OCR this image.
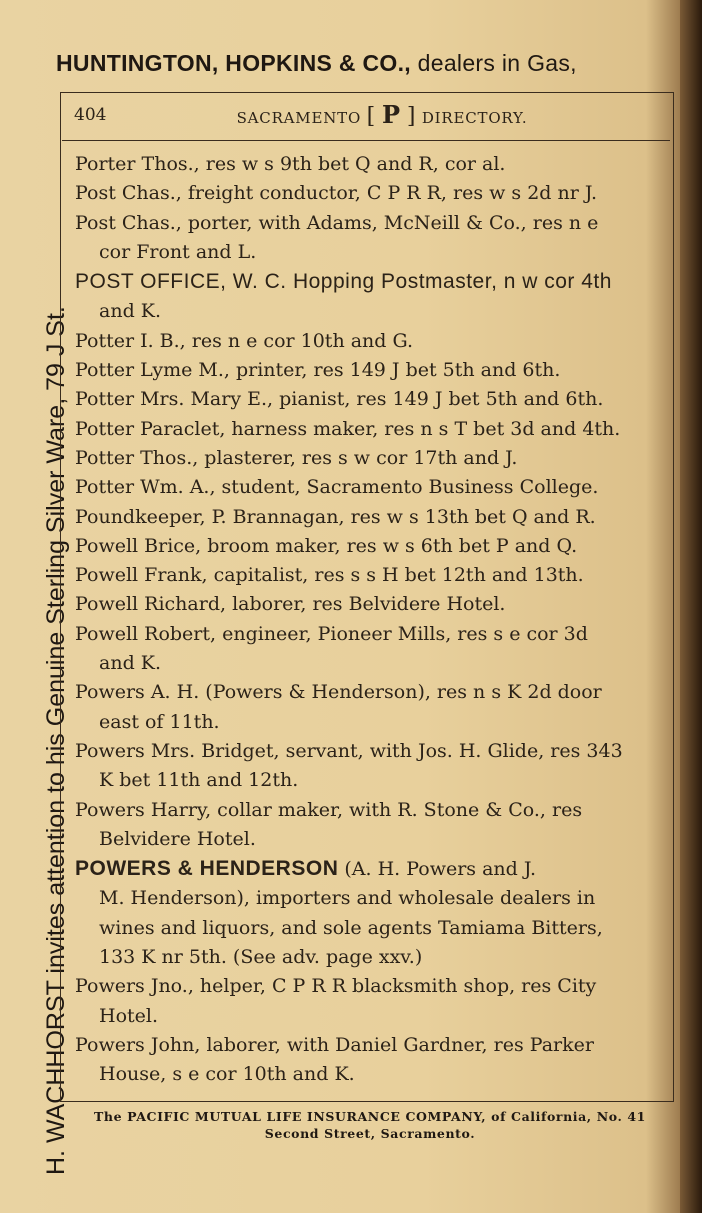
HUNTINGTON, HOPKINS & CO., dealers in Gas,
H. WACHHORST invites attention to his Genuine Sterling Silver Ware, 79 J St.
404	SACRAMENTO [ P ] DIRECTORY.

Porter Thos., res w s 9th bet Q and R, cor al.

Post Chas., freight conductor, C P R R, res w s 2d nr J.

Post Chas., porter, with Adams, McNeill & Co., res n e
cor Front and L.

POST OFFICE, W. C. Hopping Postmaster, n w cor 4th
and K.

Potter I. B., res n e cor 10th and G.

Potter Lyme M., printer, res 149 J bet 5th and 6th.

Potter Mrs. Mary E., pianist, res 149 J bet 5th and 6th.

Potter Paraclet, harness maker, res n s T bet 3d and 4th.

Potter Thos., plasterer, res s w cor 17th and J.

Potter Wm. A., student, Sacramento Business College.

Poundkeeper, P. Brannagan, res w s 13th bet Q and R.

Powell Brice, broom maker, res w s 6th bet P and Q.

Powell Frank, capitalist, res s s H bet 12th and 13th.

Powell Richard, laborer, res Belvidere Hotel.

Powell Robert, engineer, Pioneer Mills, res s e cor 3d
and K.

Powers A. H. (Powers & Henderson), res n s K 2d door
east of 11th.

Powers Mrs. Bridget, servant, with Jos. H. Glide, res 343
K bet 11th and 12th.

Powers Harry, collar maker, with R. Stone & Co., res
Belvidere Hotel.

POWERS & HENDERSON (A. H. Powers and J.
M. Henderson), importers and wholesale dealers in
wines and liquors, and sole agents Tamiama Bitters,
133 K nr 5th. (See adv. page xxv.)

Powers Jno., helper, C P R R blacksmith shop, res City
Hotel.

Powers John, laborer, with Daniel Gardner, res Parker
House, s e cor 10th and K.

The PACIFIC MUTUAL LIFE INSURANCE COMPANY, of California, No. 41
Second Street, Sacramento.
